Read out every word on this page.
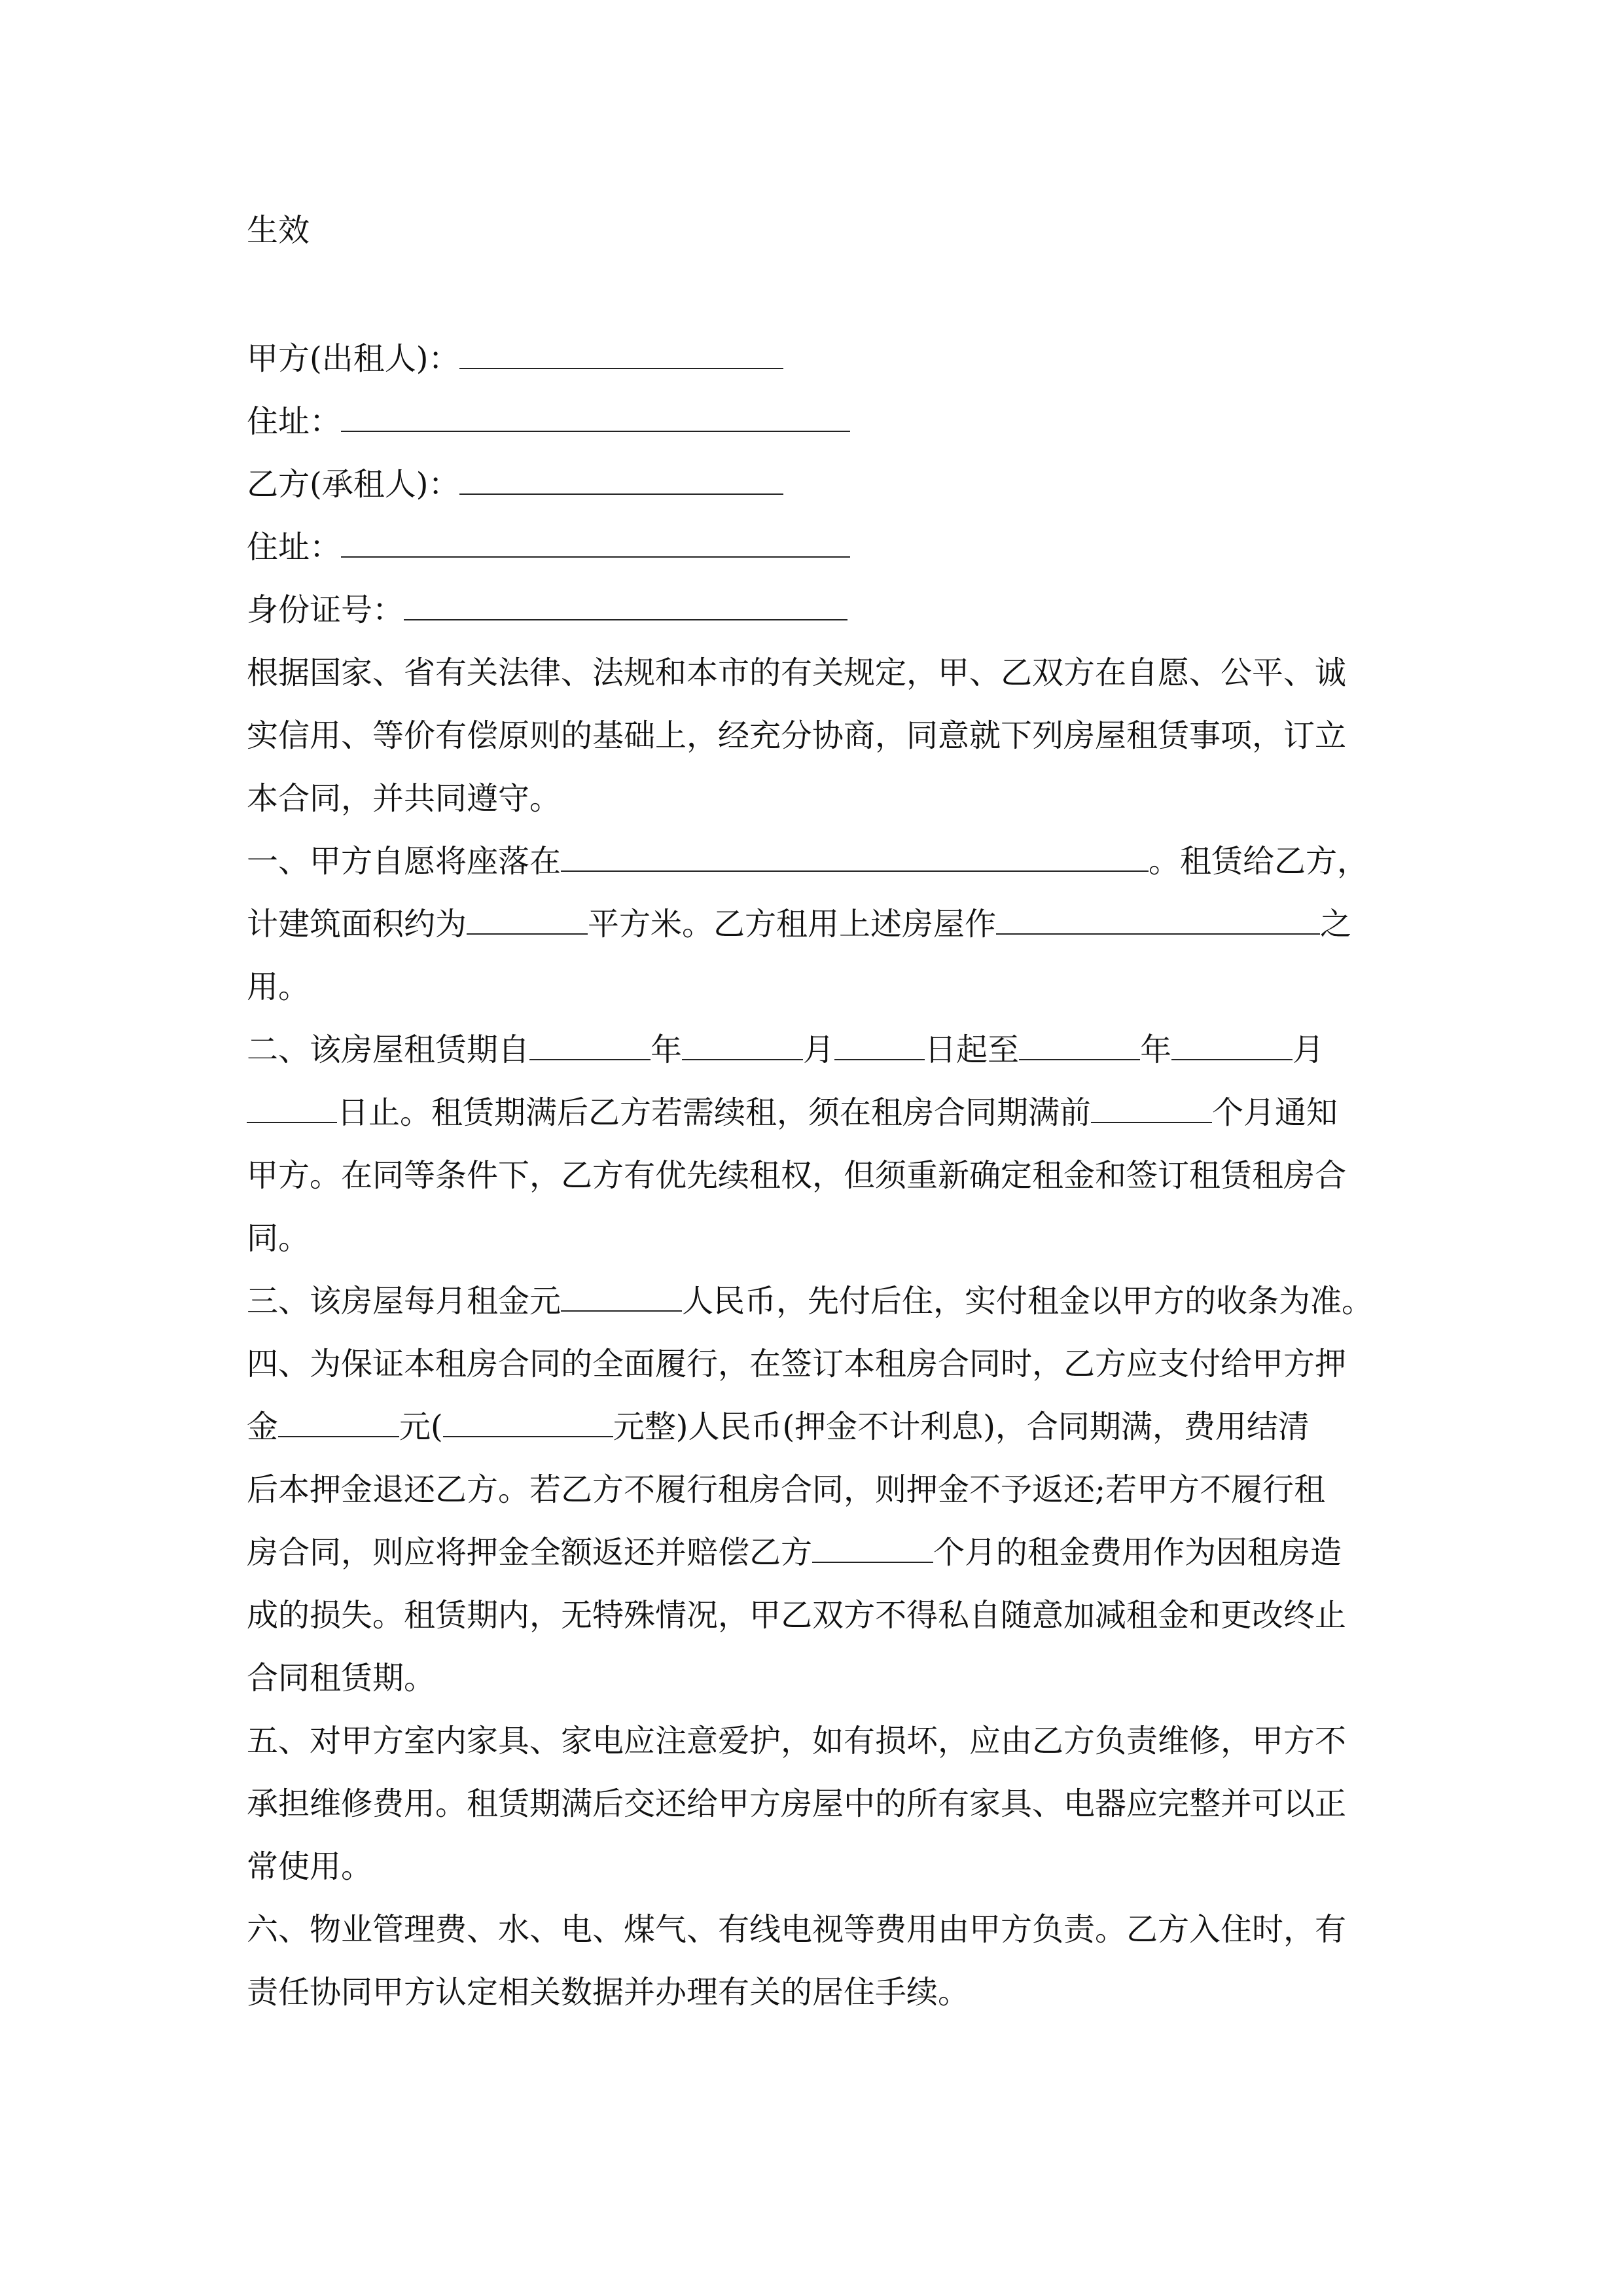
生效
甲方(出租人)：
住址：
乙方(承租人)：
住址：
身份证号：
根据国家、省有关法律、法规和本市的有关规定，甲、乙双方在自愿、公平、诚
实信用、等价有偿原则的基础上，经充分协商，同意就下列房屋租赁事项，订立
本合同，并共同遵守。
一、甲方自愿将座落在	。租赁给乙方，
计建筑面积约为	平方米。乙方租用上述房屋作	之
用。
二、该房屋租赁期自	年	月	日起至	年	月
日止。租赁期满后乙方若需续租，须在租房合同期满前	个月通知
甲方。在同等条件下，乙方有优先续租权，但须重新确定租金和签订租赁租房合
同。
三、该房屋每月租金元	人民币，先付后住，实付租金以甲方的收条为准。
四、为保证本租房合同的全面履行，在签订本租房合同时，乙方应支付给甲方押
金	元(	元整)人民币(押金不计利息)，合同期满，费用结清
后本押金退还乙方。若乙方不履行租房合同，则押金不予返还;若甲方不履行租
房合同，则应将押金全额返还并赔偿乙方	个月的租金费用作为因租房造
成的损失。租赁期内，无特殊情况，甲乙双方不得私自随意加减租金和更改终止
合同租赁期。
五、对甲方室内家具、家电应注意爱护，如有损坏，应由乙方负责维修，甲方不
承担维修费用。租赁期满后交还给甲方房屋中的所有家具、电器应完整并可以正
常使用。
六、物业管理费、水、电、煤气、有线电视等费用由甲方负责。乙方入住时，有
责任协同甲方认定相关数据并办理有关的居住手续。
